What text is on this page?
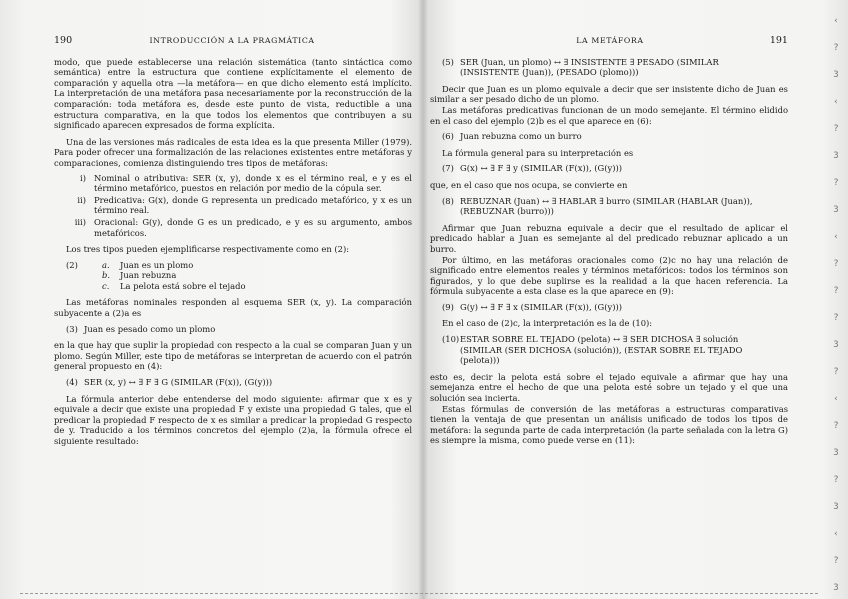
190	INTRODUCCIÓN A LA PRAGMÁTICA

modo, que puede establecerse una relación sistemática (tanto sintáctica como semántica) entre la estructura que contiene explícitamente el elemento de comparación y aquella otra —la metáfora— en que dicho elemento está implícito. La interpretación de una metáfora pasa necesariamente por la reconstrucción de la comparación: toda metáfora es, desde este punto de vista, reductible a una estructura comparativa, en la que todos los elementos que contribuyen a su significado aparecen expresados de forma explícita.

Una de las versiones más radicales de esta idea es la que presenta Miller (1979). Para poder ofrecer una formalización de las relaciones existentes entre metáforas y comparaciones, comienza distinguiendo tres tipos de metáforas:

i) Nominal o atributiva: SER (x, y), donde x es el término real, e y es el término metafórico, puestos en relación por medio de la cópula ser.
ii) Predicativa: G(x), donde G representa un predicado metafórico, y x es un término real.
iii) Oracional: G(y), donde G es un predicado, e y es su argumento, ambos metafóricos.

Los tres tipos pueden ejemplificarse respectivamente como en (2):

(2)	a.	Juan es un plomo
b.	Juan rebuzna
c.	La pelota está sobre el tejado

Las metáforas nominales responden al esquema SER (x, y). La comparación subyacente a (2)a es

(3) Juan es pesado como un plomo

en la que hay que suplir la propiedad con respecto a la cual se comparan Juan y un plomo. Según Miller, este tipo de metáforas se interpretan de acuerdo con el patrón general propuesto en (4):

(4) SER (x, y) ↔ ∃ F ∃ G (SIMILAR (F(x)), (G(y)))

La fórmula anterior debe entenderse del modo siguiente: afirmar que x es y equivale a decir que existe una propiedad F y existe una propiedad G tales, que el predicar la propiedad F respecto de x es similar a predicar la propiedad G respecto de y. Traducido a los términos concretos del ejemplo (2)a, la fórmula ofrece el siguiente resultado:

LA METÁFORA	191
(5) SER (Juan, un plomo) ↔ ∃ INSISTENTE ∃ PESADO (SIMILAR (INSISTENTE (Juan)), (PESADO (plomo)))

Decir que Juan es un plomo equivale a decir que ser insistente dicho de Juan es similar a ser pesado dicho de un plomo.

Las metáforas predicativas funcionan de un modo semejante. El término elidido en el caso del ejemplo (2)b es el que aparece en (6):

(6) Juan rebuzna como un burro

La fórmula general para su interpretación es

(7) G(x) ↔ ∃ F ∃ y (SIMILAR (F(x)), (G(y)))

que, en el caso que nos ocupa, se convierte en

(8) REBUZNAR (Juan) ↔ ∃ HABLAR ∃ burro (SIMILAR (HABLAR (Juan)), (REBUZNAR (burro)))

Afirmar que Juan rebuzna equivale a decir que el resultado de aplicar el predicado hablar a Juan es semejante al del predicado rebuznar aplicado a un burro.

Por último, en las metáforas oracionales como (2)c no hay una relación de significado entre elementos reales y términos metafóricos: todos los términos son figurados, y lo que debe suplirse es la realidad a la que hacen referencia. La fórmula subyacente a esta clase es la que aparece en (9):

(9) G(y) ↔ ∃ F ∃ x (SIMILAR (F(x)), (G(y)))

En el caso de (2)c, la interpretación es la de (10):

(10) ESTAR SOBRE EL TEJADO (pelota) ↔ ∃ SER DICHOSA ∃ solución (SIMILAR (SER DICHOSA (solución)), (ESTAR SOBRE EL TEJADO (pelota)))

esto es, decir la pelota está sobre el tejado equivale a afirmar que hay una semejanza entre el hecho de que una pelota esté sobre un tejado y el que una solución sea incierta.

Estas fórmulas de conversión de las metáforas a estructuras comparativas tienen la ventaja de que presentan un análisis unificado de todos los tipos de metáfora: la segunda parte de cada interpretación (la parte señalada con la letra G) es siempre la misma, como puede verse en (11):

‹
?
3
‹
?
3
?
3
‹
?
?
?
3
?
‹
?
3
?
3
‹
?
3
